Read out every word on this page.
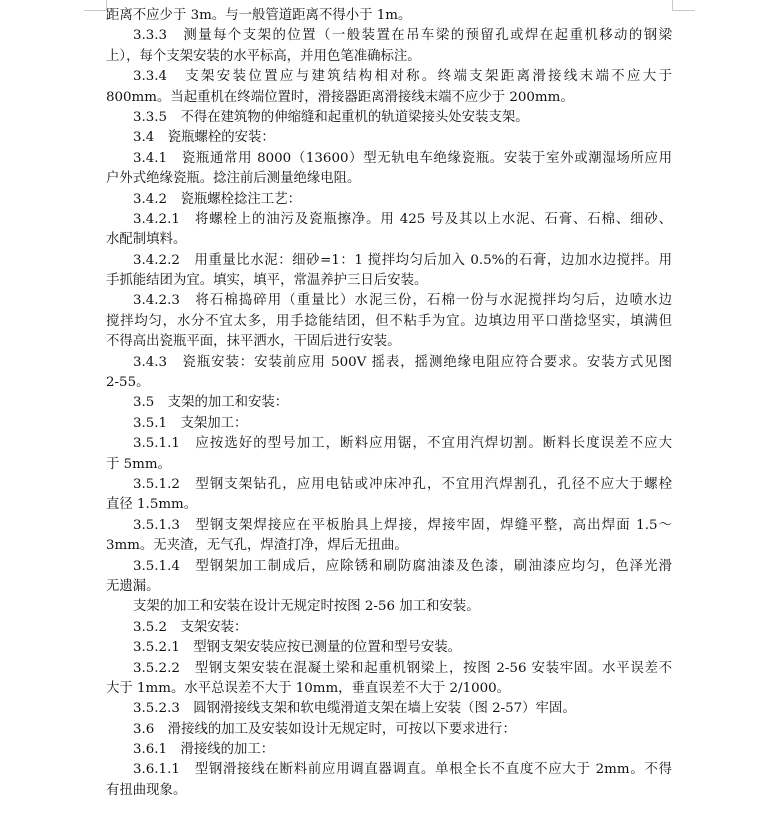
距离不应少于 3m。与一般管道距离不得小于 1m。
3.3.3　测量每个支架的位置（一般装置在吊车梁的预留孔或焊在起重机移动的钢梁
上），每个支架安装的水平标高，并用色笔准确标注。
3.3.4　支架安装位置应与建筑结构相对称。终端支架距离滑接线末端不应大于
800mm。当起重机在终端位置时，滑接器距离滑接线末端不应少于 200mm。
3.3.5　不得在建筑物的伸缩缝和起重机的轨道梁接头处安装支架。
3.4　瓷瓶螺栓的安装：
3.4.1　瓷瓶通常用 8000（13600）型无轨电车绝缘瓷瓶。安装于室外或潮湿场所应用
户外式绝缘瓷瓶。捻注前后测量绝缘电阻。
3.4.2　瓷瓶螺栓捻注工艺：
3.4.2.1　将螺栓上的油污及瓷瓶擦净。用 425 号及其以上水泥、石膏、石棉、细砂、
水配制填料。
3.4.2.2　用重量比水泥：细砂=1：1 搅拌均匀后加入 0.5%的石膏，边加水边搅拌。用
手抓能结团为宜。填实，填平，常温养护三日后安装。
3.4.2.3　将石棉捣碎用（重量比）水泥三份，石棉一份与水泥搅拌均匀后，边喷水边
搅拌均匀，水分不宜太多，用手捻能结团，但不粘手为宜。边填边用平口凿捻坚实，填满但
不得高出瓷瓶平面，抹平洒水，干固后进行安装。
3.4.3　瓷瓶安装：安装前应用 500V 摇表，摇测绝缘电阻应符合要求。安装方式见图
2-55。
3.5　支架的加工和安装：
3.5.1　支架加工：
3.5.1.1　应按选好的型号加工，断料应用锯，不宜用汽焊切割。断料长度误差不应大
于 5mm。
3.5.1.2　型钢支架钻孔，应用电钻或冲床冲孔，不宜用汽焊割孔，孔径不应大于螺栓
直径 1.5mm。
3.5.1.3　型钢支架焊接应在平板胎具上焊接，焊接牢固，焊缝平整，高出焊面 1.5～
3mm。无夹渣，无气孔，焊渣打净，焊后无扭曲。
3.5.1.4　型钢架加工制成后，应除锈和刷防腐油漆及色漆，刷油漆应均匀，色泽光滑
无遗漏。
支架的加工和安装在设计无规定时按图 2-56 加工和安装。
3.5.2　支架安装：
3.5.2.1　型钢支架安装应按已测量的位置和型号安装。
3.5.2.2　型钢支架安装在混凝土梁和起重机钢梁上，按图 2-56 安装牢固。水平误差不
大于 1mm。水平总误差不大于 10mm，垂直误差不大于 2/1000。
3.5.2.3　圆钢滑接线支架和软电缆滑道支架在墙上安装（图 2-57）牢固。
3.6　滑接线的加工及安装如设计无规定时，可按以下要求进行：
3.6.1　滑接线的加工：
3.6.1.1　型钢滑接线在断料前应用调直器调直。单根全长不直度不应大于 2mm。不得
有扭曲现象。
